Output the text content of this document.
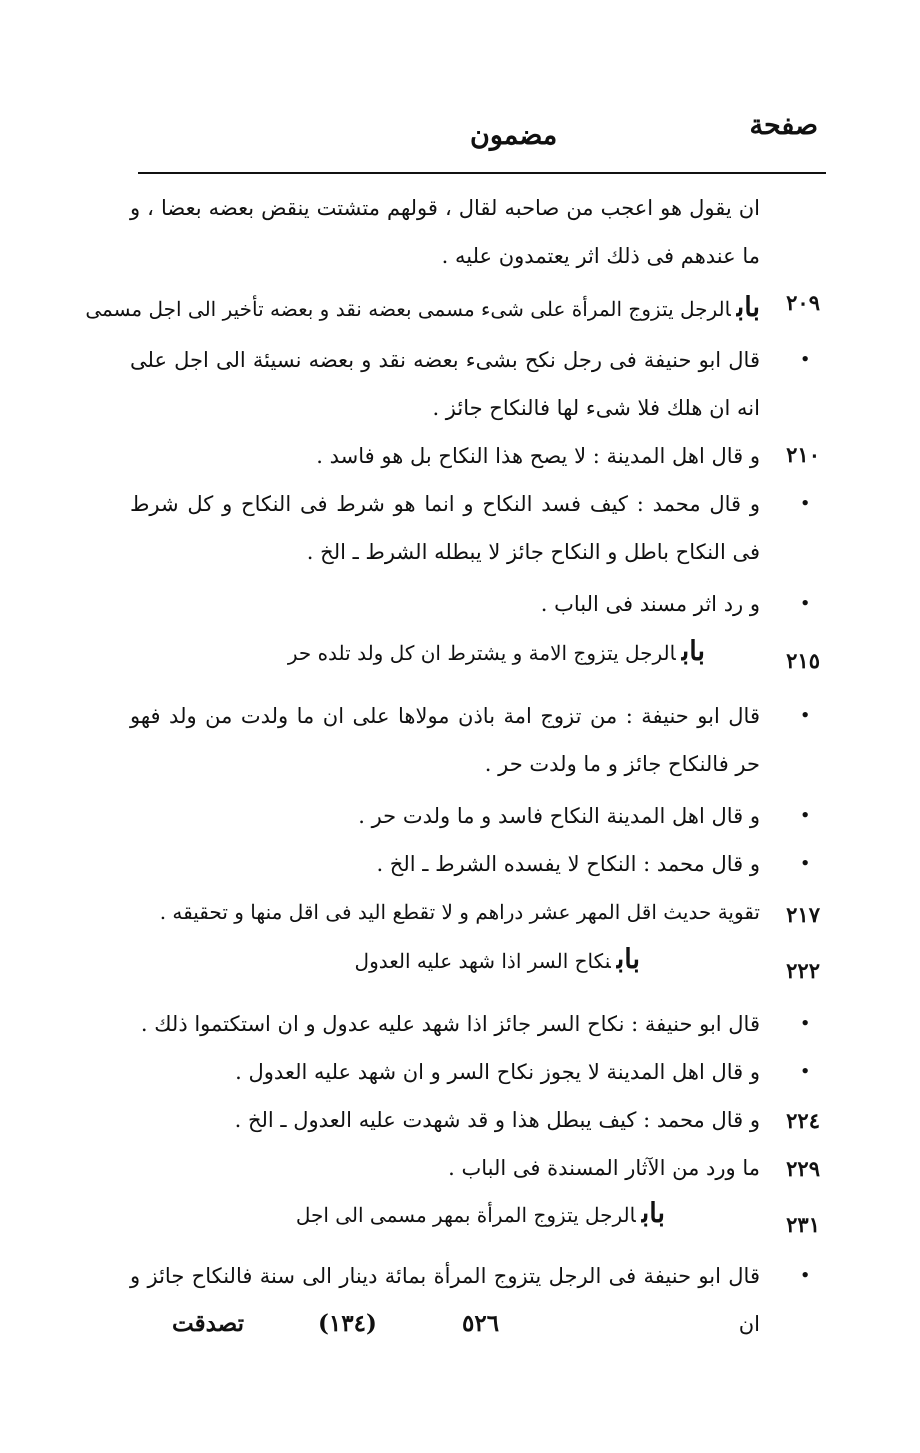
صفحة
مضمون
ان يقول هو اعجب من صاحبه لقال ، قولهم متشتت ينقض بعضه بعضا ، و ما عندهم فى ذلك اثر يعتمدون عليه .
٢٠٩
بابالرجل يتزوج المرأة على شىء مسمى بعضه نقد و بعضه تأخير الى اجل مسمى
•
قال ابو حنيفة فى رجل نكح بشىء بعضه نقد و بعضه نسيئة الى اجل على انه ان هلك فلا شىء لها فالنكاح جائز .
٢١٠
و قال اهل المدينة : لا يصح هذا النكاح بل هو فاسد .
•
و قال محمد : كيف فسد النكاح و انما هو شرط فى النكاح و كل شرط فى النكاح باطل و النكاح جائز لا يبطله الشرط ـ الخ .
•
و رد اثر مسند فى الباب .
٢١٥
بابالرجل يتزوج الامة و يشترط ان كل ولد تلده حر
•
قال ابو حنيفة : من تزوج امة باذن مولاها على ان ما ولدت من ولد فهو حر فالنكاح جائز و ما ولدت حر .
•
و قال اهل المدينة النكاح فاسد و ما ولدت حر .
•
و قال محمد : النكاح لا يفسده الشرط ـ الخ .
٢١٧
تقوية حديث اقل المهر عشر دراهم و لا تقطع اليد فى اقل منها و تحقيقه .
٢٢٢
بابنكاح السر اذا شهد عليه العدول
•
قال ابو حنيفة : نكاح السر جائز اذا شهد عليه عدول و ان استكتموا ذلك .
•
و قال اهل المدينة لا يجوز نكاح السر و ان شهد عليه العدول .
٢٢٤
و قال محمد : كيف يبطل هذا و قد شهدت عليه العدول ـ الخ .
٢٢٩
ما ورد من الآثار المسندة فى الباب .
٢٣١
بابالرجل يتزوج المرأة بمهر مسمى الى اجل
•
قال ابو حنيفة فى الرجل يتزوج المرأة بمائة دينار الى سنة فالنكاح جائز و ان
٥٢٦
(١٣٤)
تصدقت
